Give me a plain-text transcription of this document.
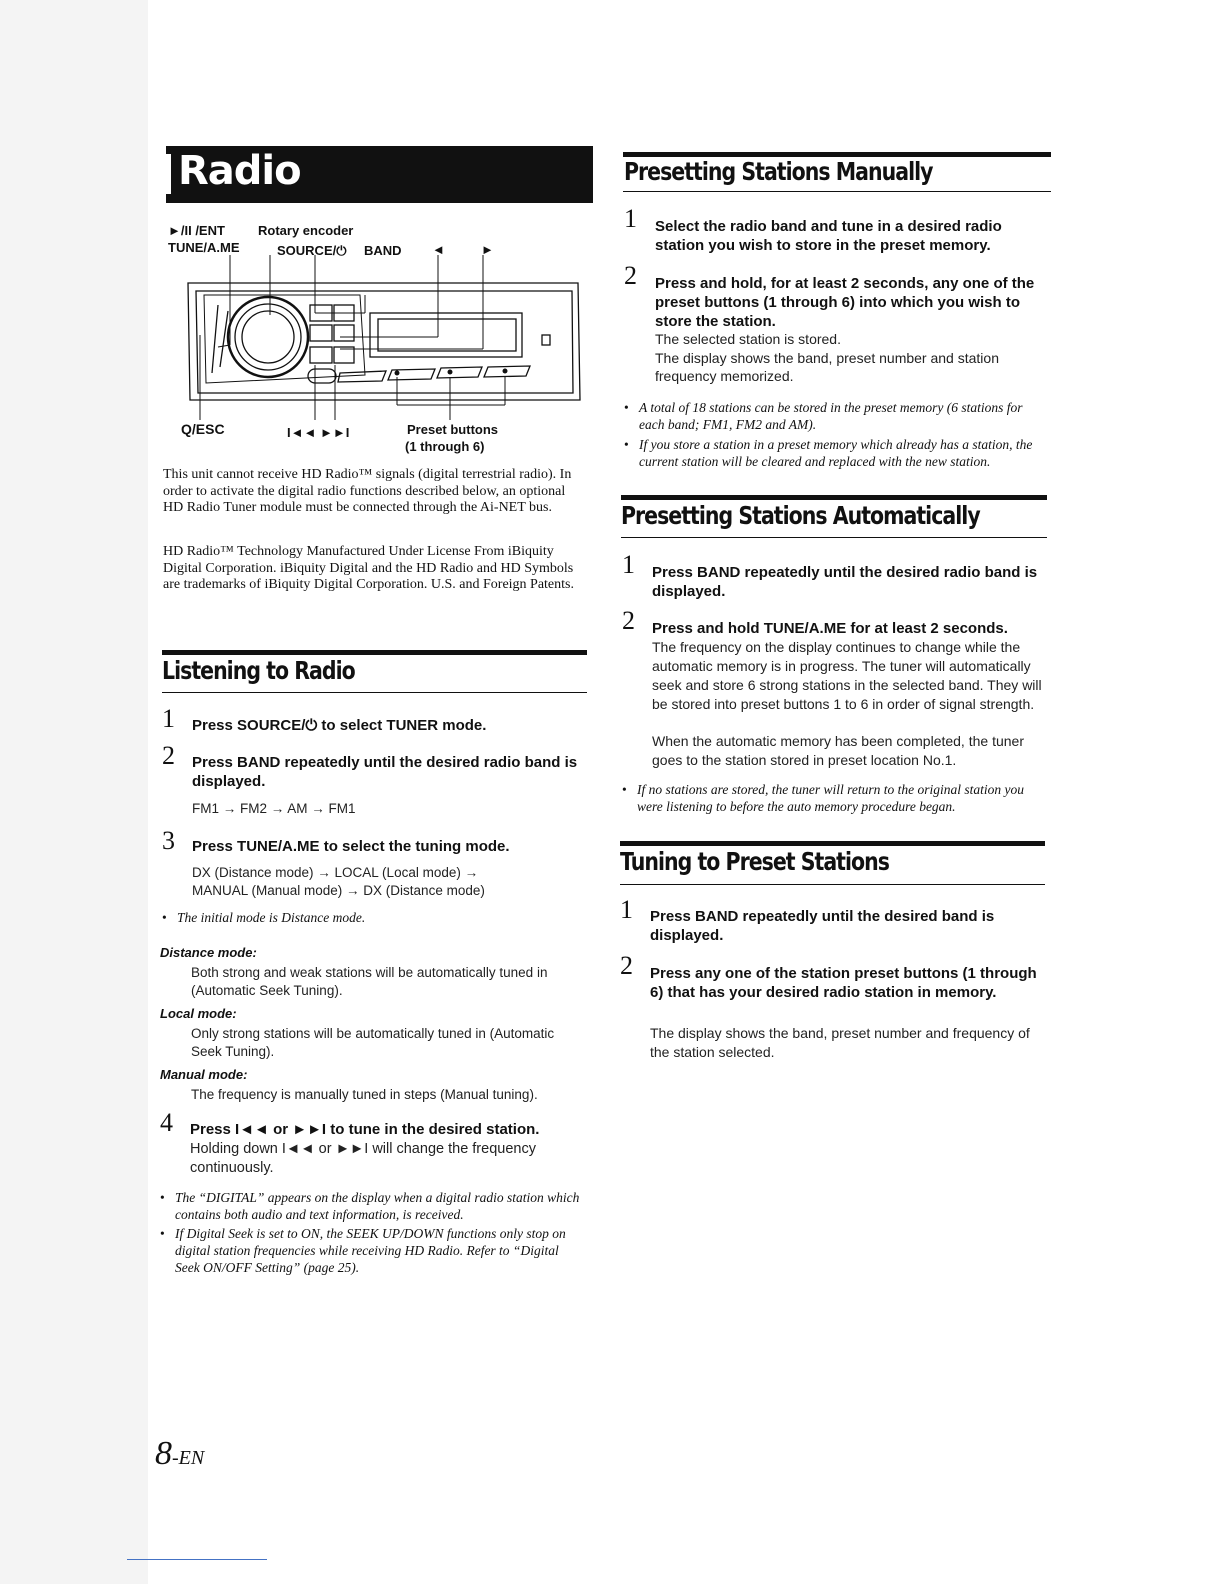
Radio
►/II /ENT
TUNE/A.ME
Rotary encoder
SOURCE/⏻ BAND ◄	►
Q/ESC	I◄◄ ►►I	Preset buttons
(1 through 6)
This unit cannot receive HD Radio™ signals (digital terrestrial radio). In order to activate the digital radio functions described below, an optional HD Radio Tuner module must be connected through the Ai-NET bus.
HD Radio™ Technology Manufactured Under License From iBiquity Digital Corporation. iBiquity Digital and the HD Radio and HD Symbols are trademarks of iBiquity Digital Corporation. U.S. and Foreign Patents.
Listening to Radio
1 Press SOURCE/⏻ to select TUNER mode.
2 Press BAND repeatedly until the desired radio band is displayed.
FM1 → FM2 → AM → FM1
3 Press TUNE/A.ME to select the tuning mode.
DX (Distance mode) → LOCAL (Local mode) →
MANUAL (Manual mode) → DX (Distance mode)
• The initial mode is Distance mode.
Distance mode:
Both strong and weak stations will be automatically tuned in (Automatic Seek Tuning).
Local mode:
Only strong stations will be automatically tuned in (Automatic Seek Tuning).
Manual mode:
The frequency is manually tuned in steps (Manual tuning).
4 Press I◄◄ or ►►I to tune in the desired station.
Holding down I◄◄ or ►►I will change the frequency continuously.
• The “DIGITAL” appears on the display when a digital radio station which contains both audio and text information, is received.
• If Digital Seek is set to ON, the SEEK UP/DOWN functions only stop on digital station frequencies while receiving HD Radio. Refer to “Digital Seek ON/OFF Setting” (page 25).
Presetting Stations Manually
1 Select the radio band and tune in a desired radio station you wish to store in the preset memory.
2 Press and hold, for at least 2 seconds, any one of the preset buttons (1 through 6) into which you wish to store the station.
The selected station is stored.
The display shows the band, preset number and station frequency memorized.
• A total of 18 stations can be stored in the preset memory (6 stations for each band; FM1, FM2 and AM).
• If you store a station in a preset memory which already has a station, the current station will be cleared and replaced with the new station.
Presetting Stations Automatically
1 Press BAND repeatedly until the desired radio band is displayed.
2 Press and hold TUNE/A.ME for at least 2 seconds.
The frequency on the display continues to change while the automatic memory is in progress. The tuner will automatically seek and store 6 strong stations in the selected band. They will be stored into preset buttons 1 to 6 in order of signal strength.
When the automatic memory has been completed, the tuner goes to the station stored in preset location No.1.
• If no stations are stored, the tuner will return to the original station you were listening to before the auto memory procedure began.
Tuning to Preset Stations
1 Press BAND repeatedly until the desired band is displayed.
2 Press any one of the station preset buttons (1 through 6) that has your desired radio station in memory.
The display shows the band, preset number and frequency of the station selected.
8-EN
